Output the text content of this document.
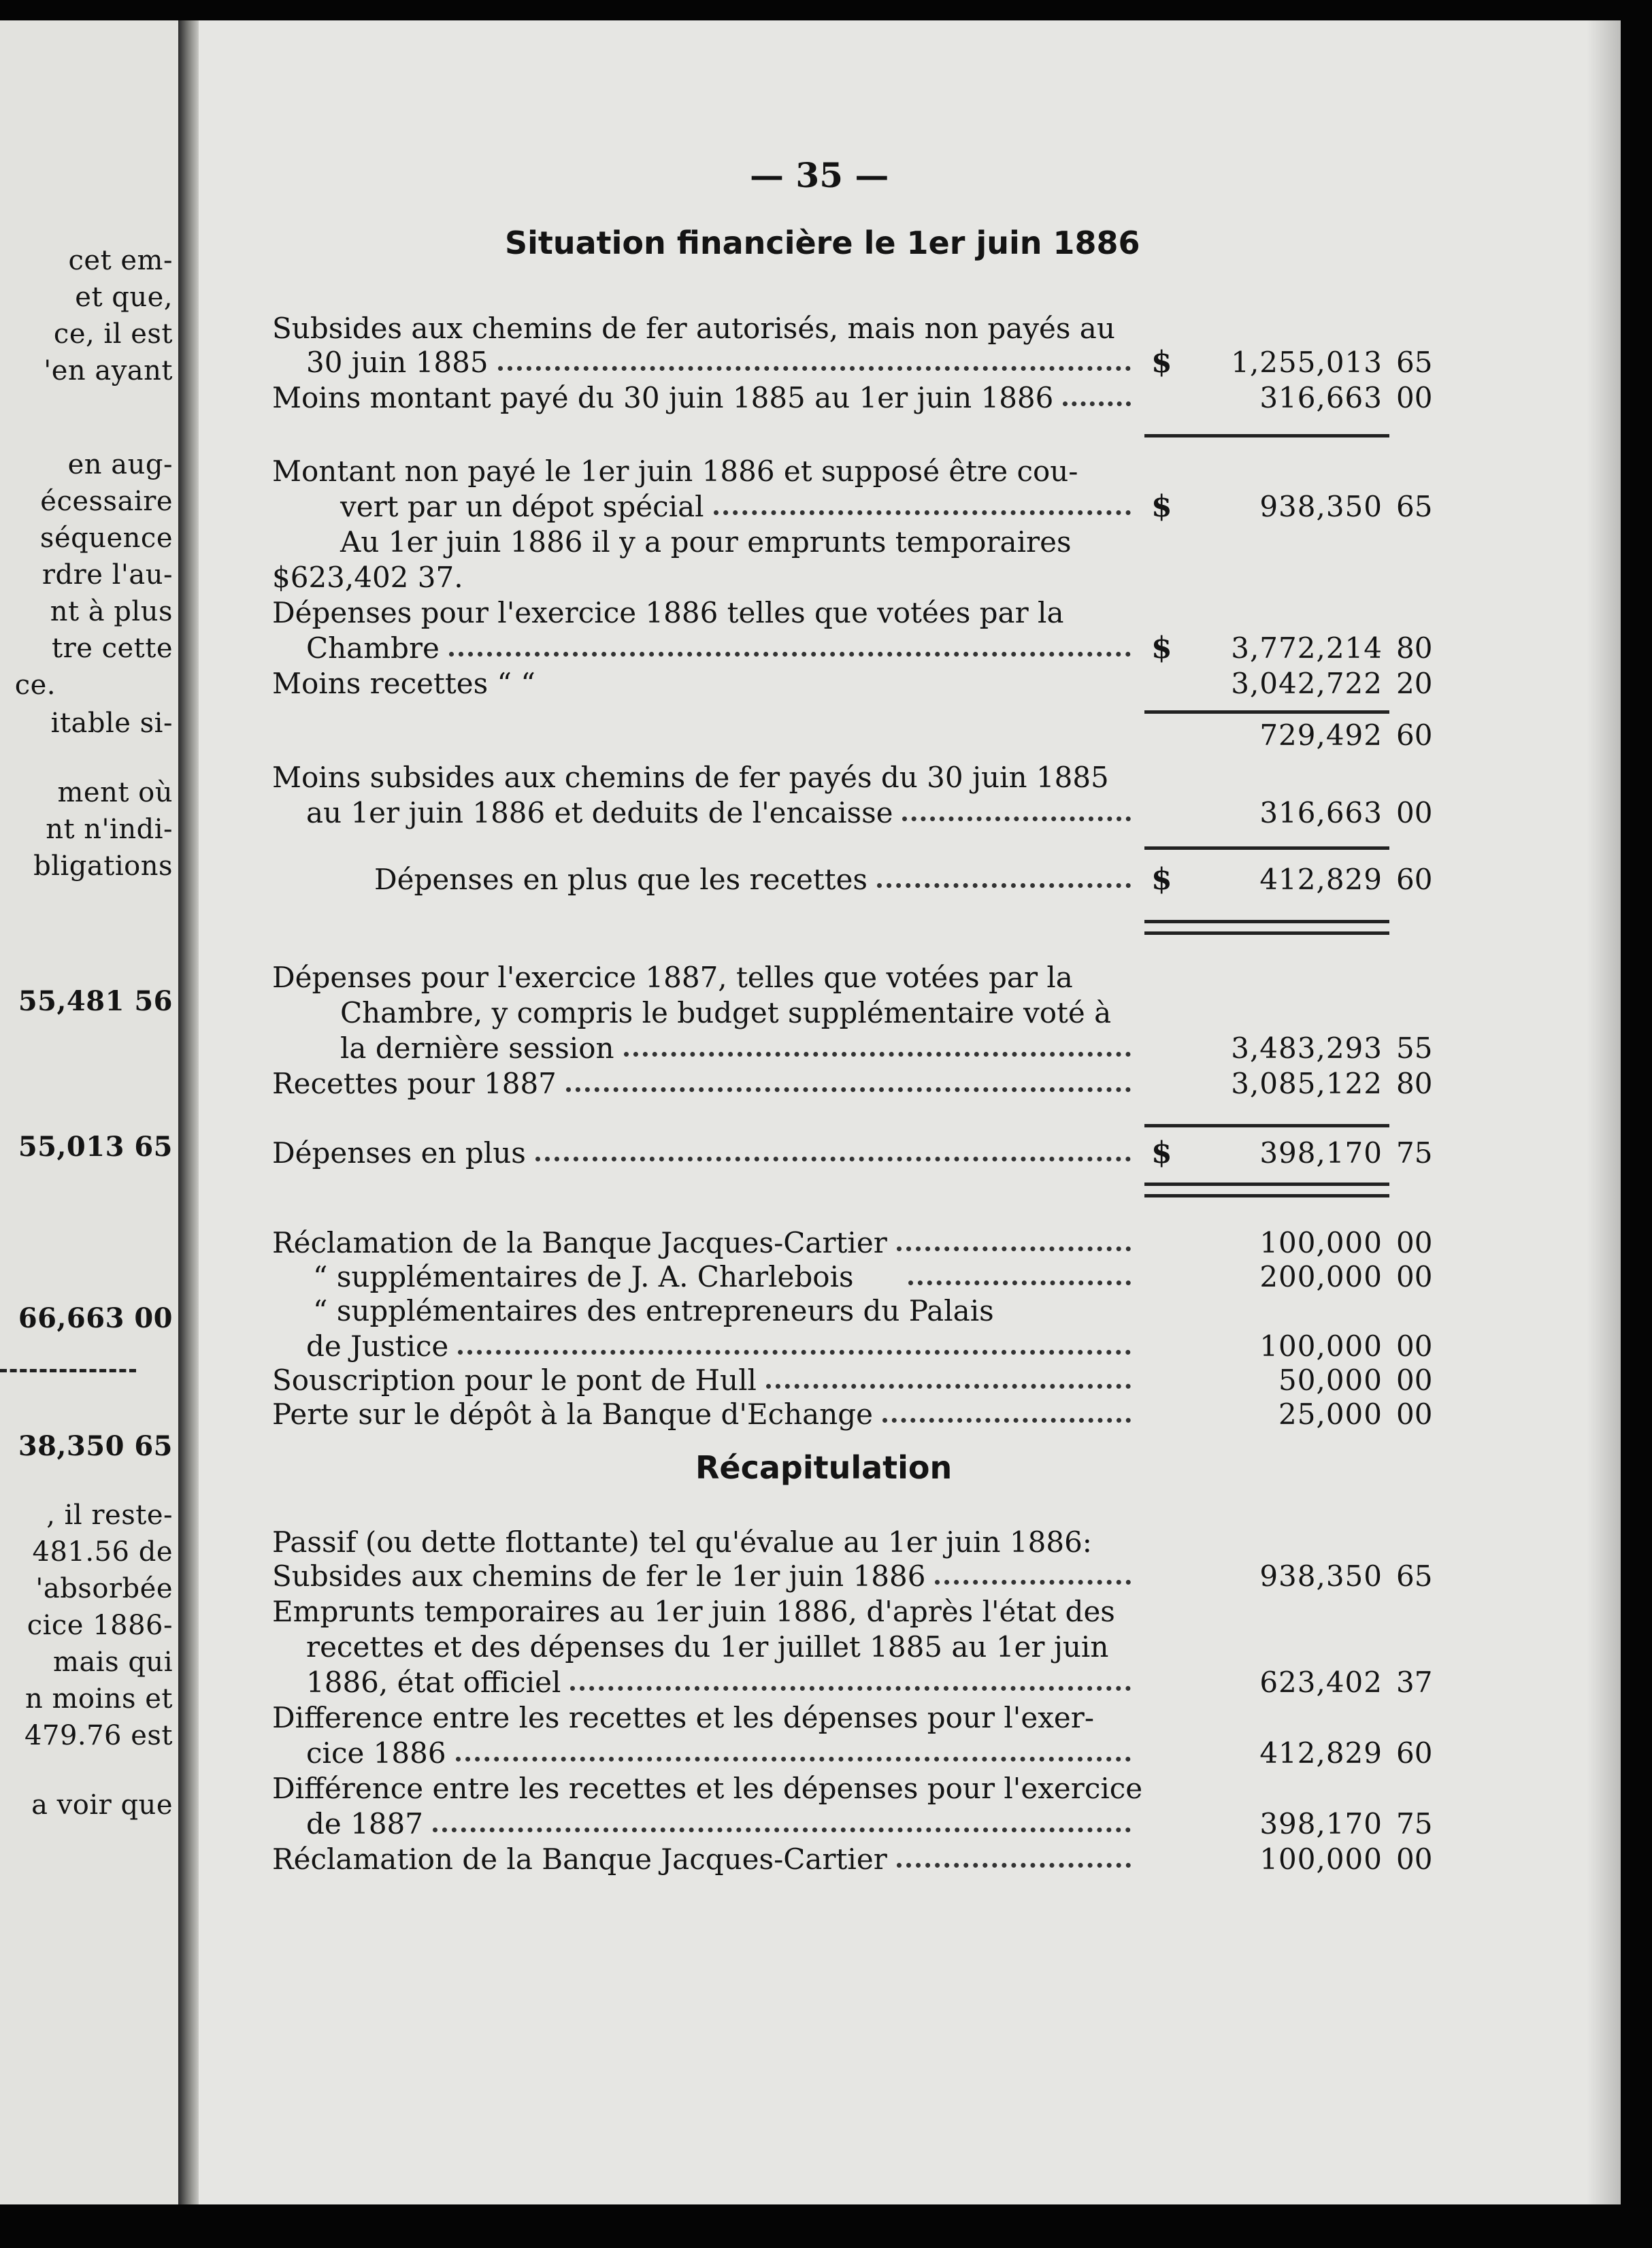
cet em-
et que,
ce, il est
'en ayant
en aug-
écessaire
séquence
rdre l'au-
nt à plus
tre cette
ce.
itable si-
ment où
nt n'indi-
bligations
55,481 56
55,013 65
66,663 00
38,350 65
, il reste-
481.56 de
'absorbée
cice 1886-
mais qui
n moins et
479.76 est
a voir que
— 35 —
Situation financière le 1er juin 1886
Subsides aux chemins de fer autorisés, mais non payés au
30 juin 1885	$	1,255,013 65
Moins montant payé du 30 juin 1885 au 1er juin 1886	316,663 00
Montant non payé le 1er juin 1886 et supposé être cou-
vert par un dépot spécial	$	938,350 65
Au 1er juin 1886 il y a pour emprunts temporaires
$623,402 37.
Dépenses pour l'exercice 1886 telles que votées par la
Chambre	$	3,772,214 80
Moins recettes “ “	3,042,722 20
729,492 60
Moins subsides aux chemins de fer payés du 30 juin 1885
au 1er juin 1886 et deduits de l'encaisse	316,663 00
Dépenses en plus que les recettes	$	412,829 60
Dépenses pour l'exercice 1887, telles que votées par la
Chambre, y compris le budget supplémentaire voté à
la dernière session	3,483,293 55
Recettes pour 1887	3,085,122 80
Dépenses en plus	$	398,170 75
Réclamation de la Banque Jacques-Cartier	100,000 00
“ supplémentaires de J. A. Charlebois	200,000 00
“ supplémentaires des entrepreneurs du Palais
de Justice	100,000 00
Souscription pour le pont de Hull	50,000 00
Perte sur le dépôt à la Banque d'Echange	25,000 00
Récapitulation
Passif (ou dette flottante) tel qu'évalue au 1er juin 1886:
Subsides aux chemins de fer le 1er juin 1886	938,350 65
Emprunts temporaires au 1er juin 1886, d'après l'état des
recettes et des dépenses du 1er juillet 1885 au 1er juin
1886, état officiel	623,402 37
Difference entre les recettes et les dépenses pour l'exer-
cice 1886	412,829 60
Différence entre les recettes et les dépenses pour l'exercice
de 1887	398,170 75
Réclamation de la Banque Jacques-Cartier	100,000 00
